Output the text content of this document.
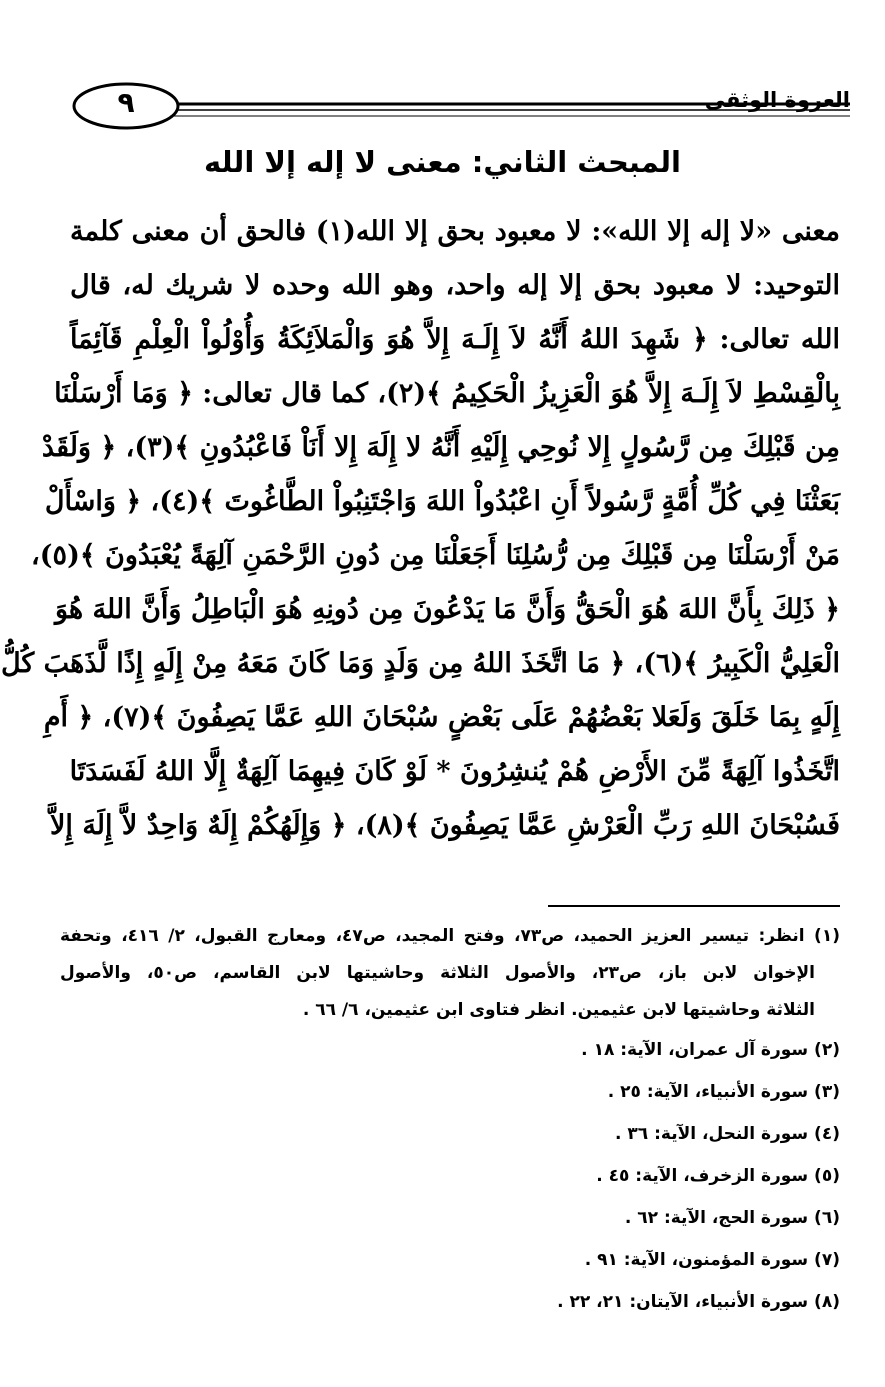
٩	العروة الوثقى
المبحث الثاني: معنى لا إله إلا الله
معنى «لا إله إلا الله»: لا معبود بحق إلا الله(١) فالحق أن معنى كلمة
التوحيد: لا معبود بحق إلا إله واحد، وهو الله وحده لا شريك له، قال
الله تعالى: ﴿ شَهِدَ اللهُ أَنَّهُ لاَ إِلَـهَ إِلاَّ هُوَ وَالْمَلاَئِكَةُ وَأُوْلُواْ الْعِلْمِ قَآئِمَاً
بِالْقِسْطِ لاَ إِلَـهَ إِلاَّ هُوَ الْعَزِيزُ الْحَكِيمُ ﴾(٢)، كما قال تعالى: ﴿ وَمَا أَرْسَلْنَا
مِن قَبْلِكَ مِن رَّسُولٍ إِلا نُوحِي إِلَيْهِ أَنَّهُ لا إِلَهَ إِلا أَنَاْ فَاعْبُدُونِ ﴾(٣)، ﴿ وَلَقَدْ
بَعَثْنَا فِي كُلِّ أُمَّةٍ رَّسُولاً أَنِ اعْبُدُواْ اللهَ وَاجْتَنِبُواْ الطَّاغُوتَ ﴾(٤)، ﴿ وَاسْأَلْ
مَنْ أَرْسَلْنَا مِن قَبْلِكَ مِن رُّسُلِنَا أَجَعَلْنَا مِن دُونِ الرَّحْمَنِ آلِهَةً يُعْبَدُونَ ﴾(٥)،
﴿ ذَلِكَ بِأَنَّ اللهَ هُوَ الْحَقُّ وَأَنَّ مَا يَدْعُونَ مِن دُونِهِ هُوَ الْبَاطِلُ وَأَنَّ اللهَ هُوَ
الْعَلِيُّ الْكَبِيرُ ﴾(٦)، ﴿ مَا اتَّخَذَ اللهُ مِن وَلَدٍ وَمَا كَانَ مَعَهُ مِنْ إِلَهٍ إِذًا لَّذَهَبَ كُلُّ
إِلَهٍ بِمَا خَلَقَ وَلَعَلا بَعْضُهُمْ عَلَى بَعْضٍ سُبْحَانَ اللهِ عَمَّا يَصِفُونَ ﴾(٧)، ﴿ أَمِ
اتَّخَذُوا آلِهَةً مِّنَ الأَرْضِ هُمْ يُنشِرُونَ * لَوْ كَانَ فِيهِمَا آلِهَةٌ إِلَّا اللهُ لَفَسَدَتَا
فَسُبْحَانَ اللهِ رَبِّ الْعَرْشِ عَمَّا يَصِفُونَ ﴾(٨)، ﴿ وَإِلَهُكُمْ إِلَهٌ وَاحِدٌ لاَّ إِلَهَ إِلاَّ
(١) انظر: تيسير العزيز الحميد، ص٧٣، وفتح المجيد، ص٤٧، ومعارج القبول، ٢/ ٤١٦، وتحفة
الإخوان لابن باز، ص٢٣، والأصول الثلاثة وحاشيتها لابن القاسم، ص٥٠، والأصول
الثلاثة وحاشيتها لابن عثيمين. انظر فتاوى ابن عثيمين، ٦/ ٦٦ .
(٢) سورة آل عمران، الآية: ١٨ .
(٣) سورة الأنبياء، الآية: ٢٥ .
(٤) سورة النحل، الآية: ٣٦ .
(٥) سورة الزخرف، الآية: ٤٥ .
(٦) سورة الحج، الآية: ٦٢ .
(٧) سورة المؤمنون، الآية: ٩١ .
(٨) سورة الأنبياء، الآيتان: ٢١، ٢٢ .
